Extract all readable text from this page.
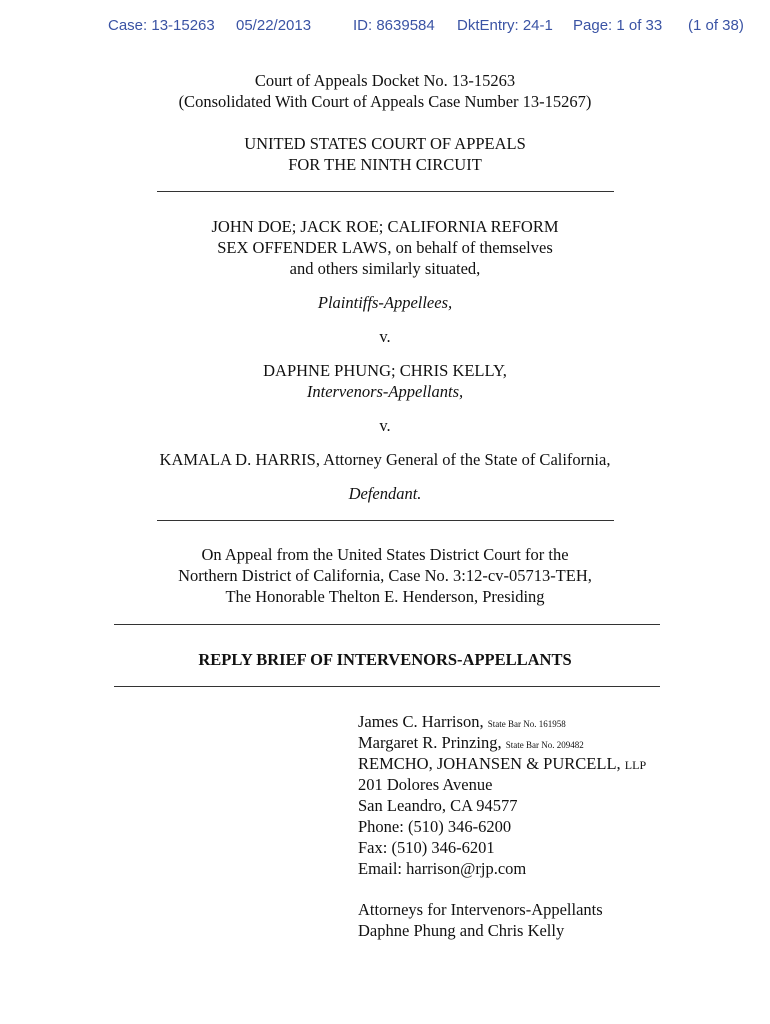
Case: 13-15263 05/22/2013	ID: 8639584 DktEntry: 24-1 Page: 1 of 33 (1 of 38)
Court of Appeals Docket No. 13-15263
(Consolidated With Court of Appeals Case Number 13-15267)
UNITED STATES COURT OF APPEALS
FOR THE NINTH CIRCUIT
JOHN DOE; JACK ROE; CALIFORNIA REFORM
SEX OFFENDER LAWS, on behalf of themselves
and others similarly situated,
Plaintiffs-Appellees,
v.
DAPHNE PHUNG; CHRIS KELLY,
Intervenors-Appellants,
v.
KAMALA D. HARRIS, Attorney General of the State of California,
Defendant.
On Appeal from the United States District Court for the
Northern District of California, Case No. 3:12-cv-05713-TEH,
The Honorable Thelton E. Henderson, Presiding
REPLY BRIEF OF INTERVENORS-APPELLANTS
James C. Harrison, State Bar No. 161958
Margaret R. Prinzing, State Bar No. 209482
REMCHO, JOHANSEN & PURCELL, LLP
201 Dolores Avenue
San Leandro, CA 94577
Phone: (510) 346-6200
Fax: (510) 346-6201
Email: harrison@rjp.com
Attorneys for Intervenors-Appellants
Daphne Phung and Chris Kelly
